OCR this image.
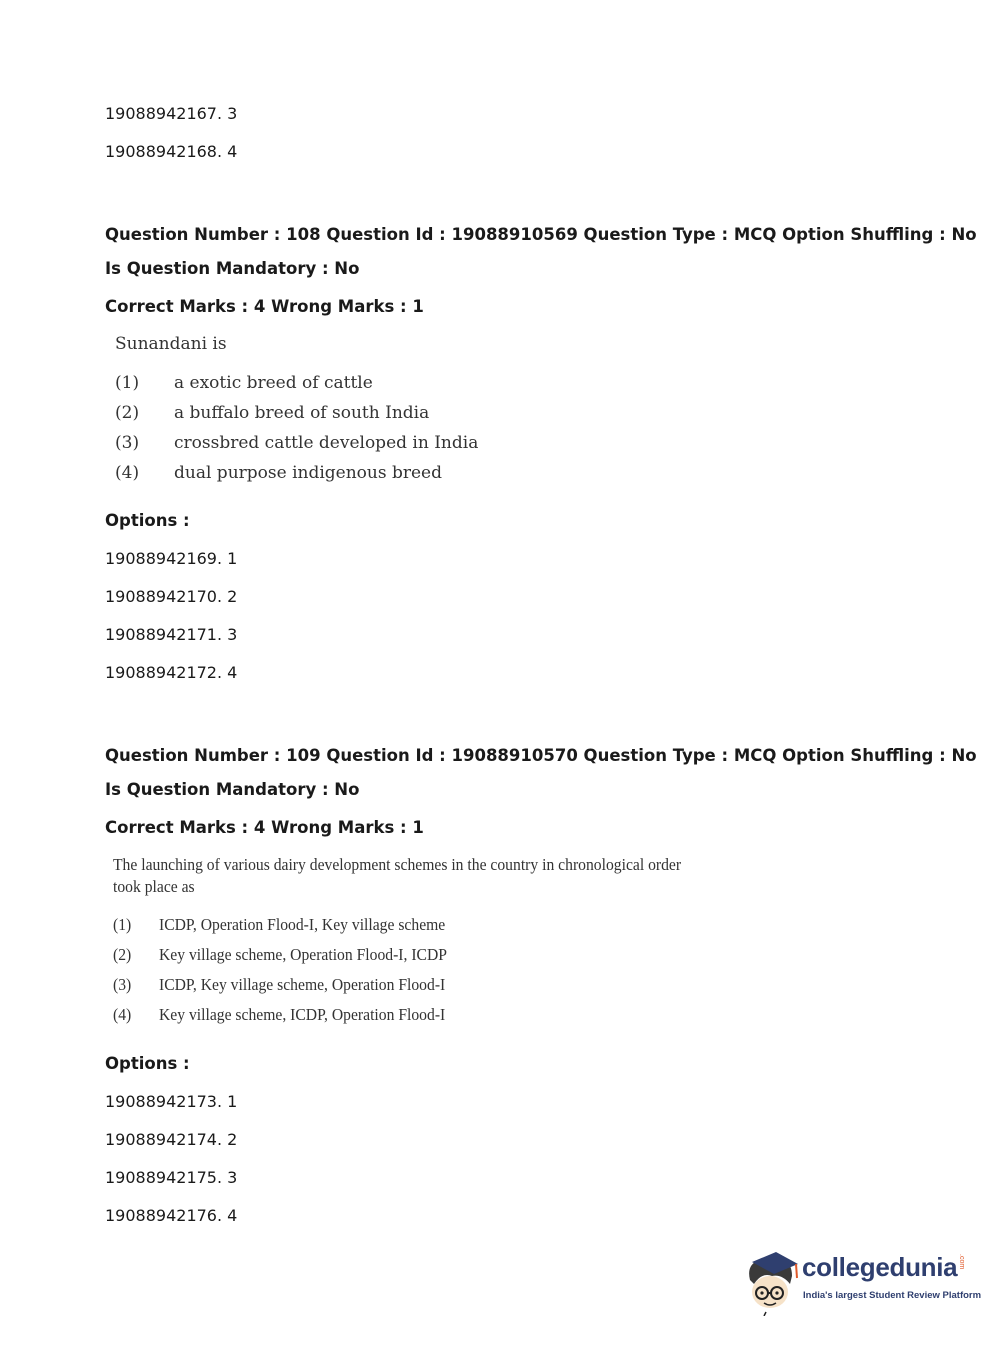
19088942167. 3
19088942168. 4
Question Number : 108 Question Id : 19088910569 Question Type : MCQ Option Shuffling : No
Is Question Mandatory : No
Correct Marks : 4 Wrong Marks : 1
Sunandani is
(1) a exotic breed of cattle
(2) a buffalo breed of south India
(3) crossbred cattle developed in India
(4) dual purpose indigenous breed
Options :
19088942169. 1
19088942170. 2
19088942171. 3
19088942172. 4
Question Number : 109 Question Id : 19088910570 Question Type : MCQ Option Shuffling : No
Is Question Mandatory : No
Correct Marks : 4 Wrong Marks : 1
The launching of various dairy development schemes in the country in chronological order
took place as
(1) ICDP, Operation Flood-I, Key village scheme
(2) Key village scheme, Operation Flood-I, ICDP
(3) ICDP, Key village scheme, Operation Flood-I
(4) Key village scheme, ICDP, Operation Flood-I
Options :
19088942173. 1
19088942174. 2
19088942175. 3
19088942176. 4
collegedunia .com
India's largest Student Review Platform
